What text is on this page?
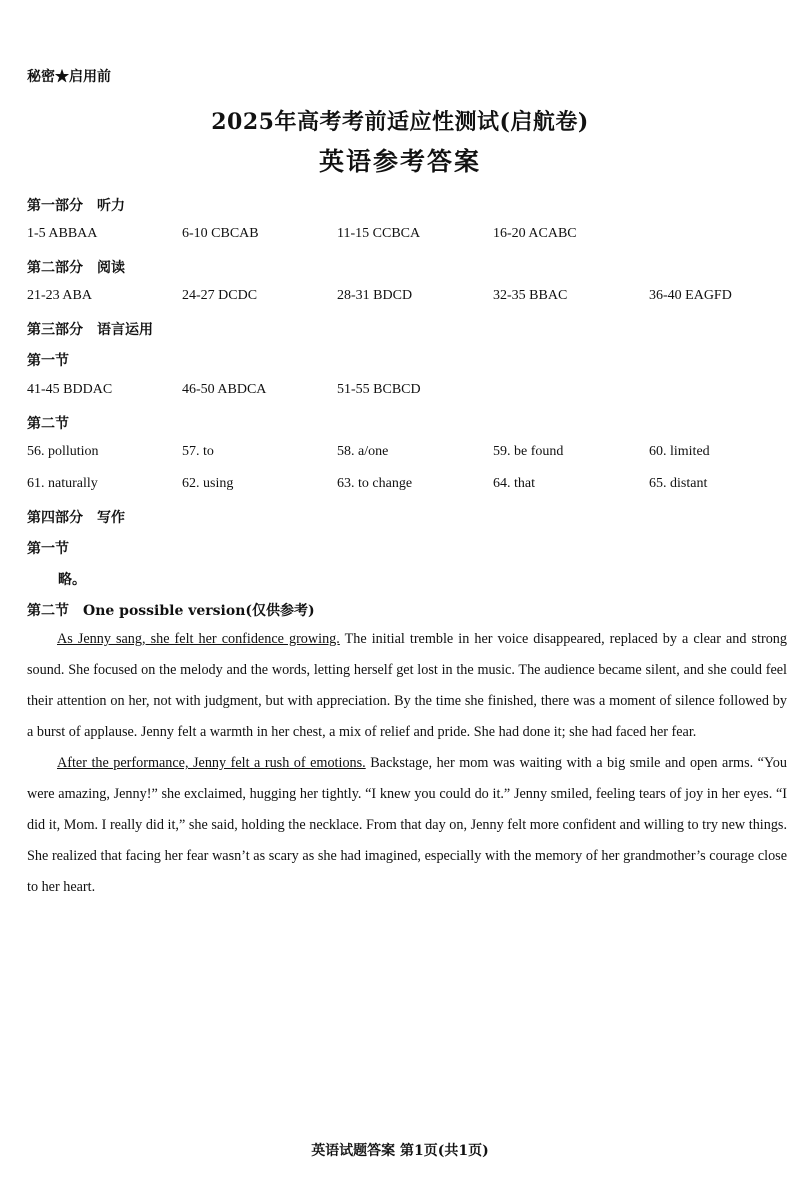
秘密★启用前
2025年高考考前适应性测试(启航卷)
英语参考答案
第一部分 听力
1-5 ABBAA	6-10 CBCAB	11-15 CCBCA	16-20 ACABC
第二部分 阅读
21-23 ABA	24-27 DCDC	28-31 BDCD	32-35 BBAC	36-40 EAGFD
第三部分 语言运用
第一节
41-45 BDDAC	46-50 ABDCA	51-55 BCBCD
第二节
56. pollution	57. to	58. a/one	59. be found	60. limited
61. naturally	62. using	63. to change	64. that	65. distant
第四部分 写作
第一节
略。
第二节 One possible version(仅供参考)

As Jenny sang, she felt her confidence growing. The initial tremble in her voice disappeared, replaced by a clear and strong sound. She focused on the melody and the words, letting herself get lost in the music. The audience became silent, and she could feel their attention on her, not with judgment, but with appreciation. By the time she finished, there was a moment of silence followed by a burst of applause. Jenny felt a warmth in her chest, a mix of relief and pride. She had done it; she had faced her fear.

After the performance, Jenny felt a rush of emotions. Backstage, her mom was waiting with a big smile and open arms. “You were amazing, Jenny!” she exclaimed, hugging her tightly. “I knew you could do it.” Jenny smiled, feeling tears of joy in her eyes. “I did it, Mom. I really did it,” she said, holding the necklace. From that day on, Jenny felt more confident and willing to try new things. She realized that facing her fear wasn’t as scary as she had imagined, especially with the memory of her grandmother’s courage close to her heart.

英语试题答案 第1页(共1页)
